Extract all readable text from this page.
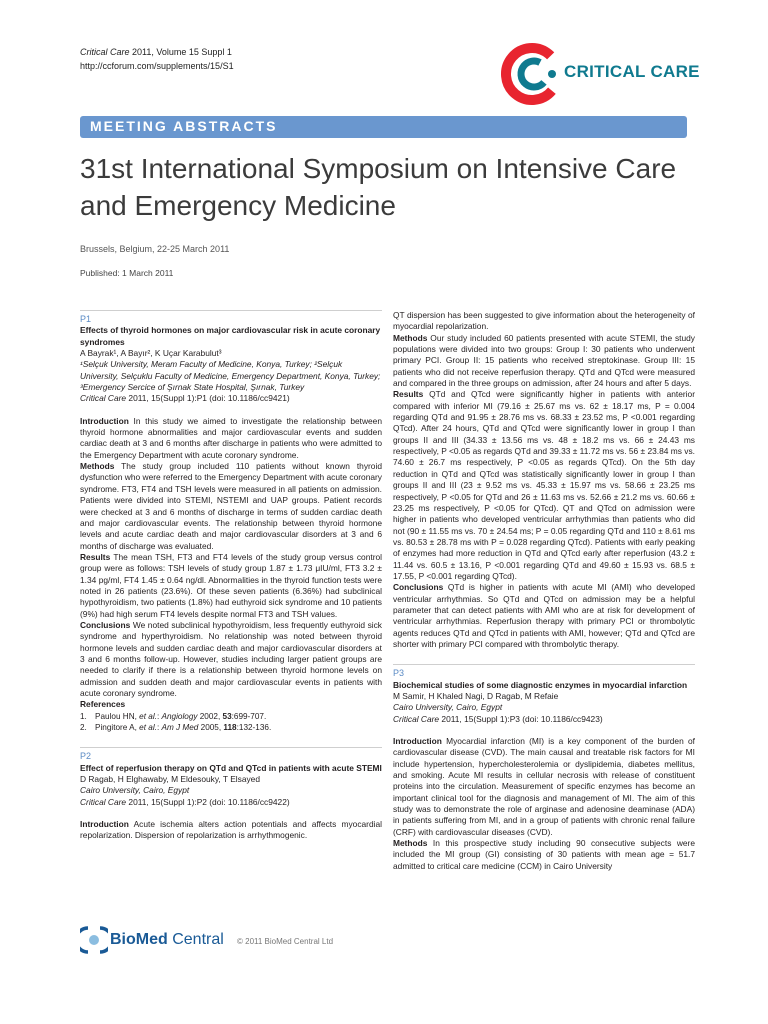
Critical Care 2011, Volume 15 Suppl 1
http://ccforum.com/supplements/15/S1	CRITICAL CARE
MEETING ABSTRACTS
31st International Symposium on Intensive Care
and Emergency Medicine
Brussels, Belgium, 22-25 March 2011
Published: 1 March 2011

P1

Effects of thyroid hormones on major cardiovascular risk in acute coronary syndromes

A Bayrak¹, A Bayır², K Uçar Karabulut³

¹Selçuk University, Meram Faculty of Medicine, Konya, Turkey; ²Selçuk University, Selçuklu Faculty of Medicine, Emergency Department, Konya, Turkey; ³Emergency Sercice of Şırnak State Hospital, Şırnak, Turkey

Critical Care 2011, 15(Suppl 1):P1 (doi: 10.1186/cc9421)

Introduction In this study we aimed to investigate the relationship between thyroid hormone abnormalities and major cardiovascular events and sudden cardiac death at 3 and 6 months after discharge in patients who were admitted to the Emergency Department with acute coronary syndrome.

Methods The study group included 110 patients without known thyroid dysfunction who were referred to the Emergency Department with acute coronary syndrome. FT3, FT4 and TSH levels were measured in all patients on admission. Patients were divided into STEMI, NSTEMI and UAP groups. Patient records were checked at 3 and 6 months of discharge in terms of sudden cardiac death and major cardiovascular events. The relationship between thyroid hormone levels and acute cardiac death and major cardiovascular disorders at 3 and 6 months of discharge was evaluated.

Results The mean TSH, FT3 and FT4 levels of the study group versus control group were as follows: TSH levels of study group 1.87 ± 1.73 μIU/ml, FT3 3.2 ± 1.34 pg/ml, FT4 1.45 ± 0.64 ng/dl. Abnormalities in the thyroid function tests were noted in 26 patients (23.6%). Of these seven patients (6.36%) had subclinical hypothyroidism, two patients (1.8%) had euthyroid sick syndrome and 10 patients (9%) had high serum FT4 levels despite normal FT3 and TSH values.

Conclusions We noted subclinical hypothyroidism, less frequently euthyroid sick syndrome and hyperthyroidism. No relationship was noted between thyroid hormone levels and sudden cardiac death and major cardiovascular disorders at 3 and 6 months follow-up. However, studies including larger patient groups are needed to clarify if there is a relationship between thyroid hormone levels on admission and sudden death and major cardiovascular events in patients with acute coronary syndrome.

References

1.  Paulou HN, et al.: Angiology 2002, 53:699-707.

2.  Pingitore A, et al.: Am J Med 2005, 118:132-136.

P2

Effect of reperfusion therapy on QTd and QTcd in patients with acute STEMI

D Ragab, H Elghawaby, M Eldesouky, T Elsayed

Cairo University, Cairo, Egypt

Critical Care 2011, 15(Suppl 1):P2 (doi: 10.1186/cc9422)

Introduction Acute ischemia alters action potentials and affects myocardial repolarization. Dispersion of repolarization is arrhythmogenic.

QT dispersion has been suggested to give information about the heterogeneity of myocardial repolarization.

Methods Our study included 60 patients presented with acute STEMI, the study populations were divided into two groups: Group I: 30 patients who underwent primary PCI. Group II: 15 patients who received streptokinase. Group III: 15 patients who did not receive reperfusion therapy. QTd and QTcd were measured and compared in the three groups on admission, after 24 hours and after 5 days.

Results QTd and QTcd were significantly higher in patients with anterior compared with inferior MI (79.16 ± 25.67 ms vs. 62 ± 18.17 ms, P = 0.004 regarding QTd and 91.95 ± 28.76 ms vs. 68.33 ± 23.52 ms, P <0.001 regarding QTcd). After 24 hours, QTd and QTcd were significantly lower in group I than groups II and III (34.33 ± 13.56 ms vs. 48 ± 18.2 ms vs. 66 ± 24.43 ms respectively, P <0.05 as regards QTd and 39.33 ± 11.72 ms vs. 56 ± 23.84 ms vs. 74.60 ± 26.7 ms respectively, P <0.05 as regards QTcd). On the 5th day reduction in QTd and QTcd was statistically significantly lower in group I than groups II and III (23 ± 9.52 ms vs. 45.33 ± 15.97 ms vs. 58.66 ± 23.25 ms respectively, P <0.05 for QTd and 26 ± 11.63 ms vs. 52.66 ± 21.2 ms vs. 60.66 ± 23.25 ms respectively, P <0.05 for QTcd). QT and QTcd on admission were higher in patients who developed ventricular arrhythmias than patients who did not (90 ± 11.55 ms vs. 70 ± 24.54 ms; P = 0.05 regarding QTd and 110 ± 8.61 ms vs. 80.53 ± 28.78 ms with P = 0.028 regarding QTcd). Patients with early peaking of enzymes had more reduction in QTd and QTcd early after reperfusion (43.2 ± 11.44 vs. 60.5 ± 13.16, P <0.001 regarding QTd and 49.60 ± 15.93 vs. 68.5 ± 17.55, P <0.001 regarding QTcd).

Conclusions QTd is higher in patients with acute MI (AMI) who developed ventricular arrhythmias. So QTd and QTcd on admission may be a helpful parameter that can detect patients with AMI who are at risk for development of ventricular arrhythmias. Reperfusion therapy with primary PCI or thrombolytic agents reduces QTd and QTcd in patients with AMI, however; QTd and QTcd are shorter with primary PCI compared with thrombolytic therapy.

P3

Biochemical studies of some diagnostic enzymes in myocardial infarction

M Samir, H Khaled Nagi, D Ragab, M Refaie

Cairo University, Cairo, Egypt

Critical Care 2011, 15(Suppl 1):P3 (doi: 10.1186/cc9423)

Introduction Myocardial infarction (MI) is a key component of the burden of cardiovascular disease (CVD). The main causal and treatable risk factors for MI include hypertension, hypercholesterolemia or dyslipidemia, diabetes mellitus, and smoking. Acute MI results in cellular necrosis with release of constituent proteins into the circulation. Measurement of specific enzymes has become an important clinical tool for the diagnosis and management of MI. The aim of this study was to demonstrate the role of arginase and adenosine deaminase (ADA) in patients suffering from MI, and in a group of patients with chronic renal failure (CRF) with cardiovascular diseases (CVD).

Methods In this prospective study including 90 consecutive subjects were included the MI group (GI) consisting of 30 patients with mean age = 51.7 admitted to critical care medicine (CCM) in Cairo University

BioMed Central © 2011 BioMed Central Ltd
